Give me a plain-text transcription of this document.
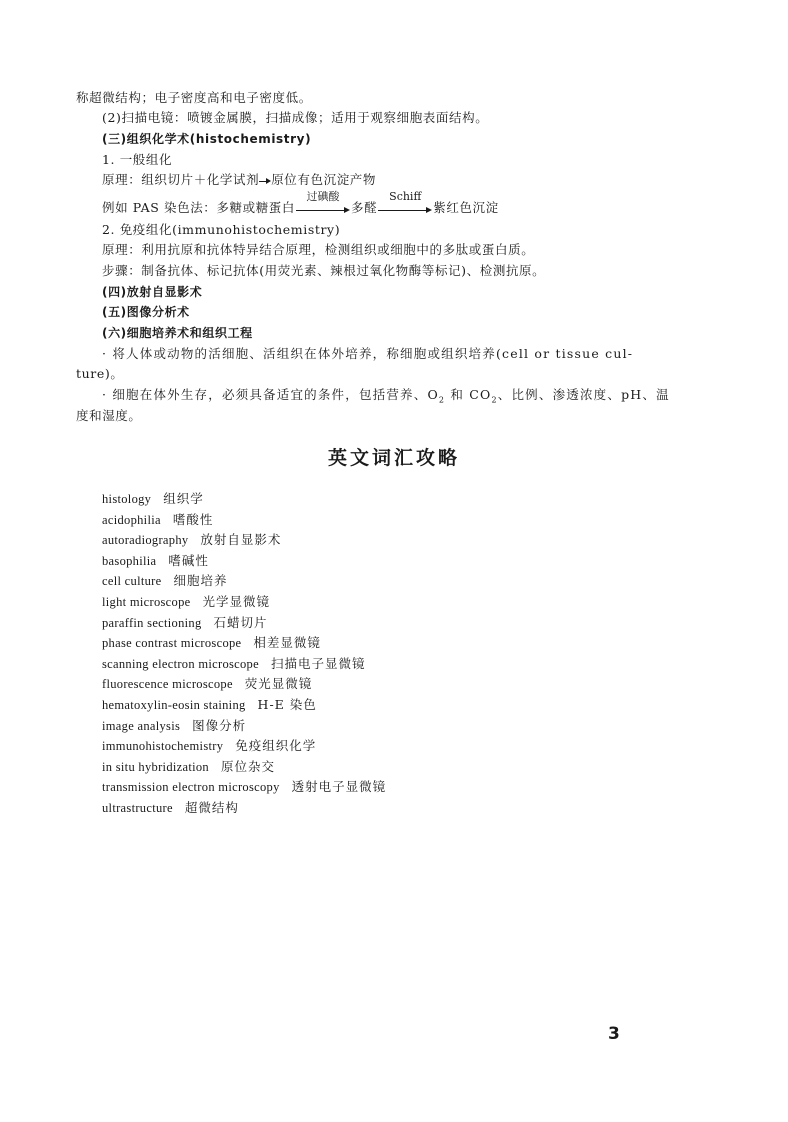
称超微结构；电子密度高和电子密度低。
(2)扫描电镜：喷镀金属膜，扫描成像；适用于观察细胞表面结构。
(三)组织化学术(histochemistry)
1. 一般组化
原理：组织切片＋化学试剂 原位有色沉淀产物
例如 PAS 染色法：多糖或糖蛋白
过碘酸
多醛
Schiff
紫红色沉淀
2. 免疫组化(immunohistochemistry)
原理：利用抗原和抗体特异结合原理，检测组织或细胞中的多肽或蛋白质。
步骤：制备抗体、标记抗体(用荧光素、辣根过氧化物酶等标记)、检测抗原。
(四)放射自显影术
(五)图像分析术
(六)细胞培养术和组织工程
· 将人体或动物的活细胞、活组织在体外培养，称细胞或组织培养(cell or tissue cul-
ture)。
· 细胞在体外生存，必须具备适宜的条件，包括营养、$O_2$ 和 $CO_2$、比例、渗透浓度、pH、温
度和湿度。
英文词汇攻略
histology 组织学
acidophilia 嗜酸性
autoradiography 放射自显影术
basophilia 嗜碱性
cell culture 细胞培养
light microscope 光学显微镜
paraffin sectioning 石蜡切片
phase contrast microscope 相差显微镜
scanning electron microscope 扫描电子显微镜
fluorescence microscope 荧光显微镜
hematoxylin-eosin staining H-E 染色
image analysis 图像分析
immunohistochemistry 免疫组织化学
in situ hybridization 原位杂交
transmission electron microscopy 透射电子显微镜
ultrastructure 超微结构
3
